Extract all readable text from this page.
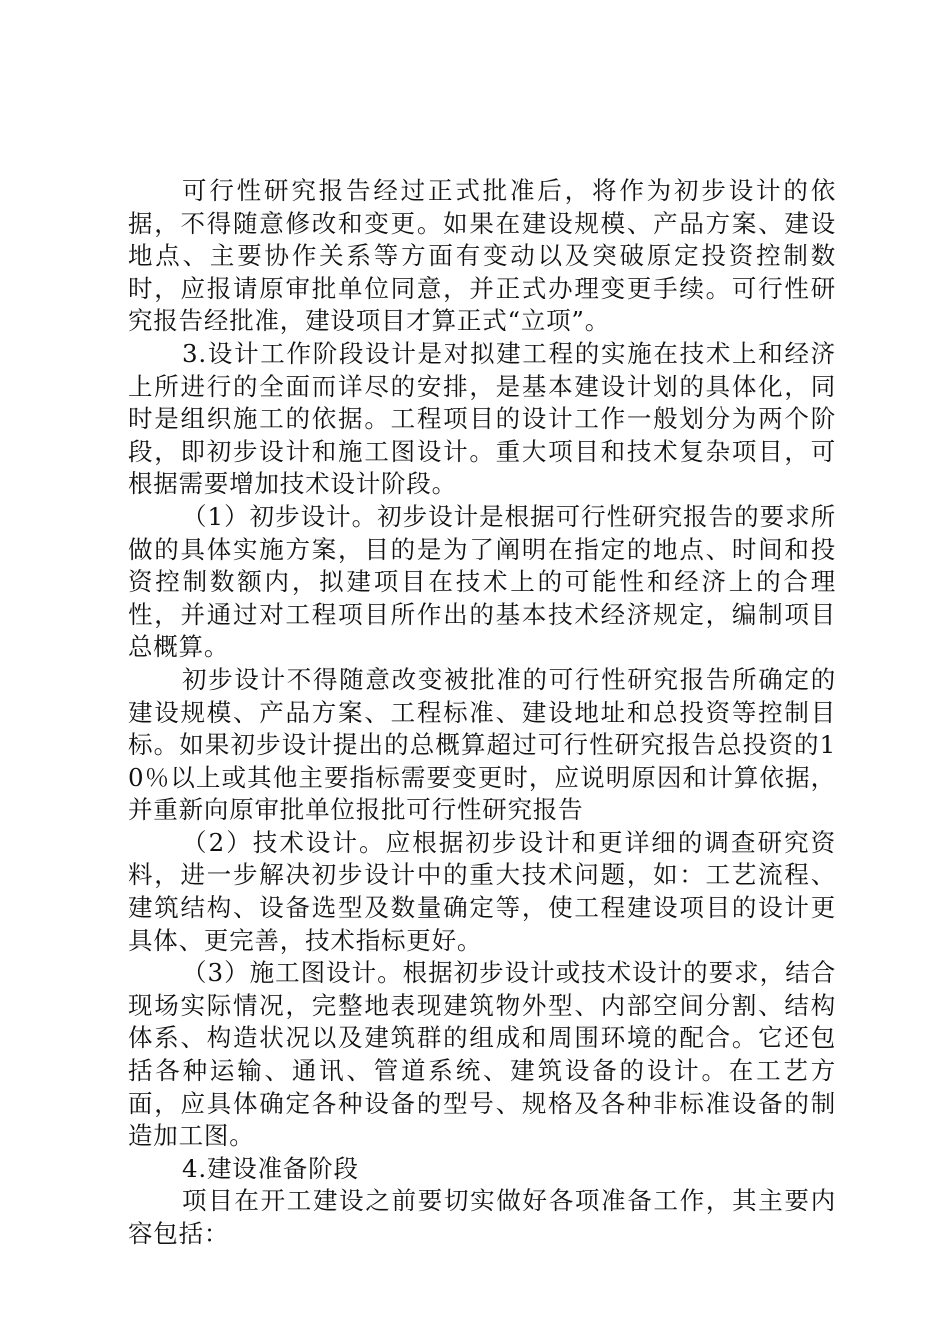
可行性研究报告经过正式批准后，将作为初步设计的依据，不得随意修改和变更。如果在建设规模、产品方案、建设地点、主要协作关系等方面有变动以及突破原定投资控制数时，应报请原审批单位同意，并正式办理变更手续。可行性研究报告经批准，建设项目才算正式“立项”。

3.设计工作阶段设计是对拟建工程的实施在技术上和经济上所进行的全面而详尽的安排，是基本建设计划的具体化，同时是组织施工的依据。工程项目的设计工作一般划分为两个阶段，即初步设计和施工图设计。重大项目和技术复杂项目，可根据需要增加技术设计阶段。

（1）初步设计。初步设计是根据可行性研究报告的要求所做的具体实施方案，目的是为了阐明在指定的地点、时间和投资控制数额内，拟建项目在技术上的可能性和经济上的合理性，并通过对工程项目所作出的基本技术经济规定，编制项目总概算。

初步设计不得随意改变被批准的可行性研究报告所确定的建设规模、产品方案、工程标准、建设地址和总投资等控制目标。如果初步设计提出的总概算超过可行性研究报告总投资的10％以上或其他主要指标需要变更时，应说明原因和计算依据，并重新向原审批单位报批可行性研究报告

（2）技术设计。应根据初步设计和更详细的调查研究资料，进一步解决初步设计中的重大技术问题，如：工艺流程、建筑结构、设备选型及数量确定等，使工程建设项目的设计更具体、更完善，技术指标更好。

（3）施工图设计。根据初步设计或技术设计的要求，结合现场实际情况，完整地表现建筑物外型、内部空间分割、结构体系、构造状况以及建筑群的组成和周围环境的配合。它还包括各种运输、通讯、管道系统、建筑设备的设计。在工艺方面，应具体确定各种设备的型号、规格及各种非标准设备的制造加工图。

4.建设准备阶段

项目在开工建设之前要切实做好各项准备工作，其主要内容包括：
